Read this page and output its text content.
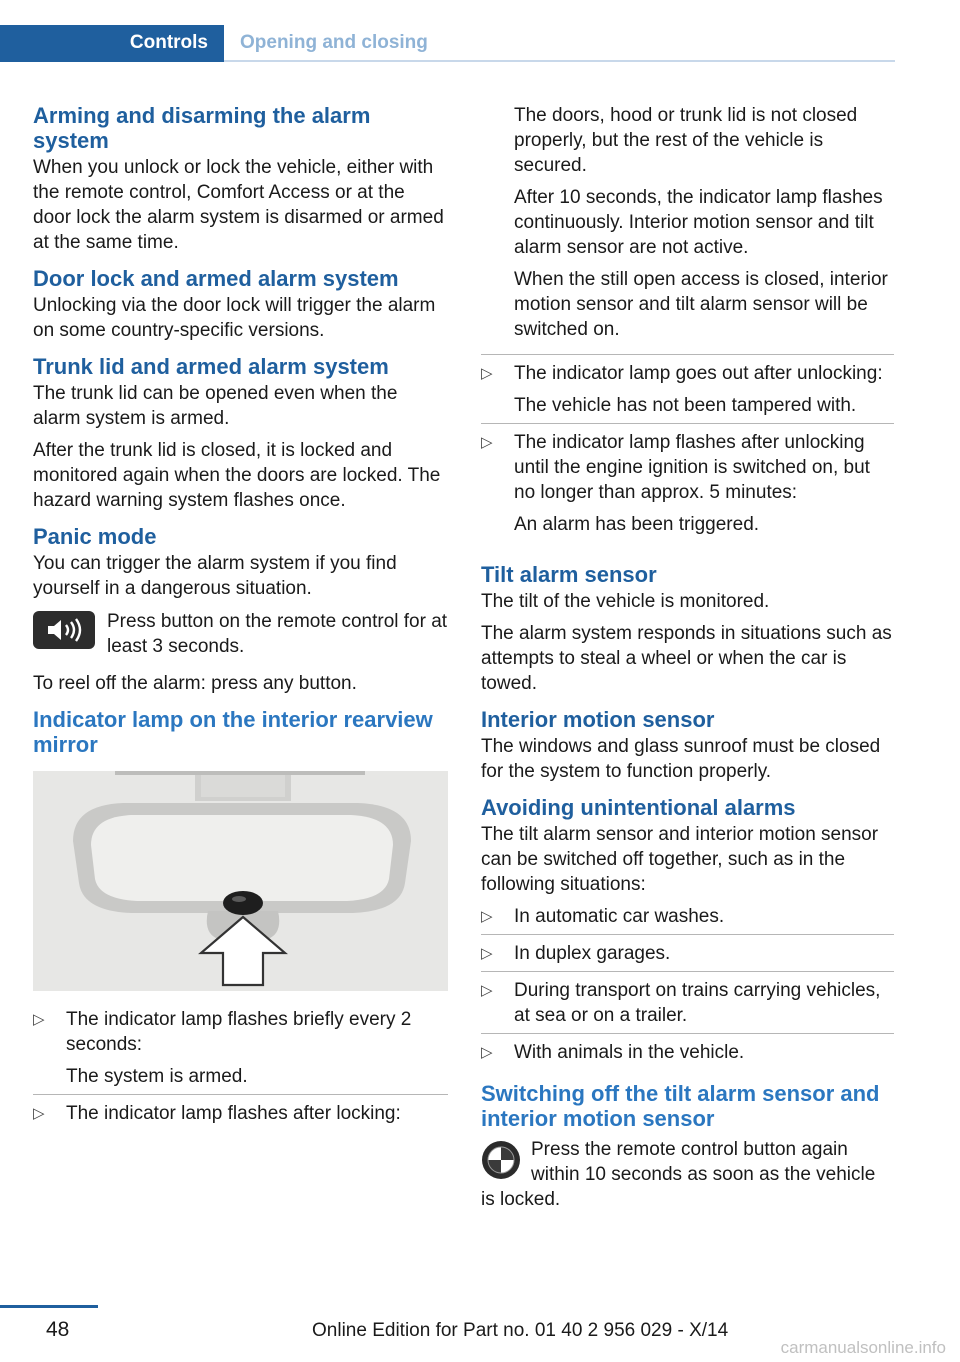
Controls Opening and closing
Arming and disarming the alarm system

When you unlock or lock the vehicle, either with the remote control, Comfort Access or at the door lock the alarm system is disarmed or armed at the same time.

Door lock and armed alarm system

Unlocking via the door lock will trigger the alarm on some country-specific versions.

Trunk lid and armed alarm system

The trunk lid can be opened even when the alarm system is armed.

After the trunk lid is closed, it is locked and monitored again when the doors are locked. The hazard warning system flashes once.

Panic mode

You can trigger the alarm system if you find yourself in a dangerous situation.

Press button on the remote control for at least 3 seconds.

To reel off the alarm: press any button.

Indicator lamp on the interior rearview mirror
▷ The indicator lamp flashes briefly every 2 seconds:

The system is armed.

▷ The indicator lamp flashes after locking:

The doors, hood or trunk lid is not closed properly, but the rest of the vehicle is secured.

After 10 seconds, the indicator lamp flashes continuously. Interior motion sensor and tilt alarm sensor are not active.

When the still open access is closed, interior motion sensor and tilt alarm sensor will be switched on.

▷ The indicator lamp goes out after unlocking:

The vehicle has not been tampered with.

▷ The indicator lamp flashes after unlocking until the engine ignition is switched on, but no longer than approx. 5 minutes:

An alarm has been triggered.

Tilt alarm sensor

The tilt of the vehicle is monitored.

The alarm system responds in situations such as attempts to steal a wheel or when the car is towed.

Interior motion sensor

The windows and glass sunroof must be closed for the system to function properly.

Avoiding unintentional alarms

The tilt alarm sensor and interior motion sensor can be switched off together, such as in the following situations:

▷ In automatic car washes.

▷ In duplex garages.

▷ During transport on trains carrying vehicles, at sea or on a trailer.

▷ With animals in the vehicle.

Switching off the tilt alarm sensor and interior motion sensor

Press the remote control button again within 10 seconds as soon as the vehicle is locked.

48	Online Edition for Part no. 01 40 2 956 029 - X/14
carmanualsonline.info
